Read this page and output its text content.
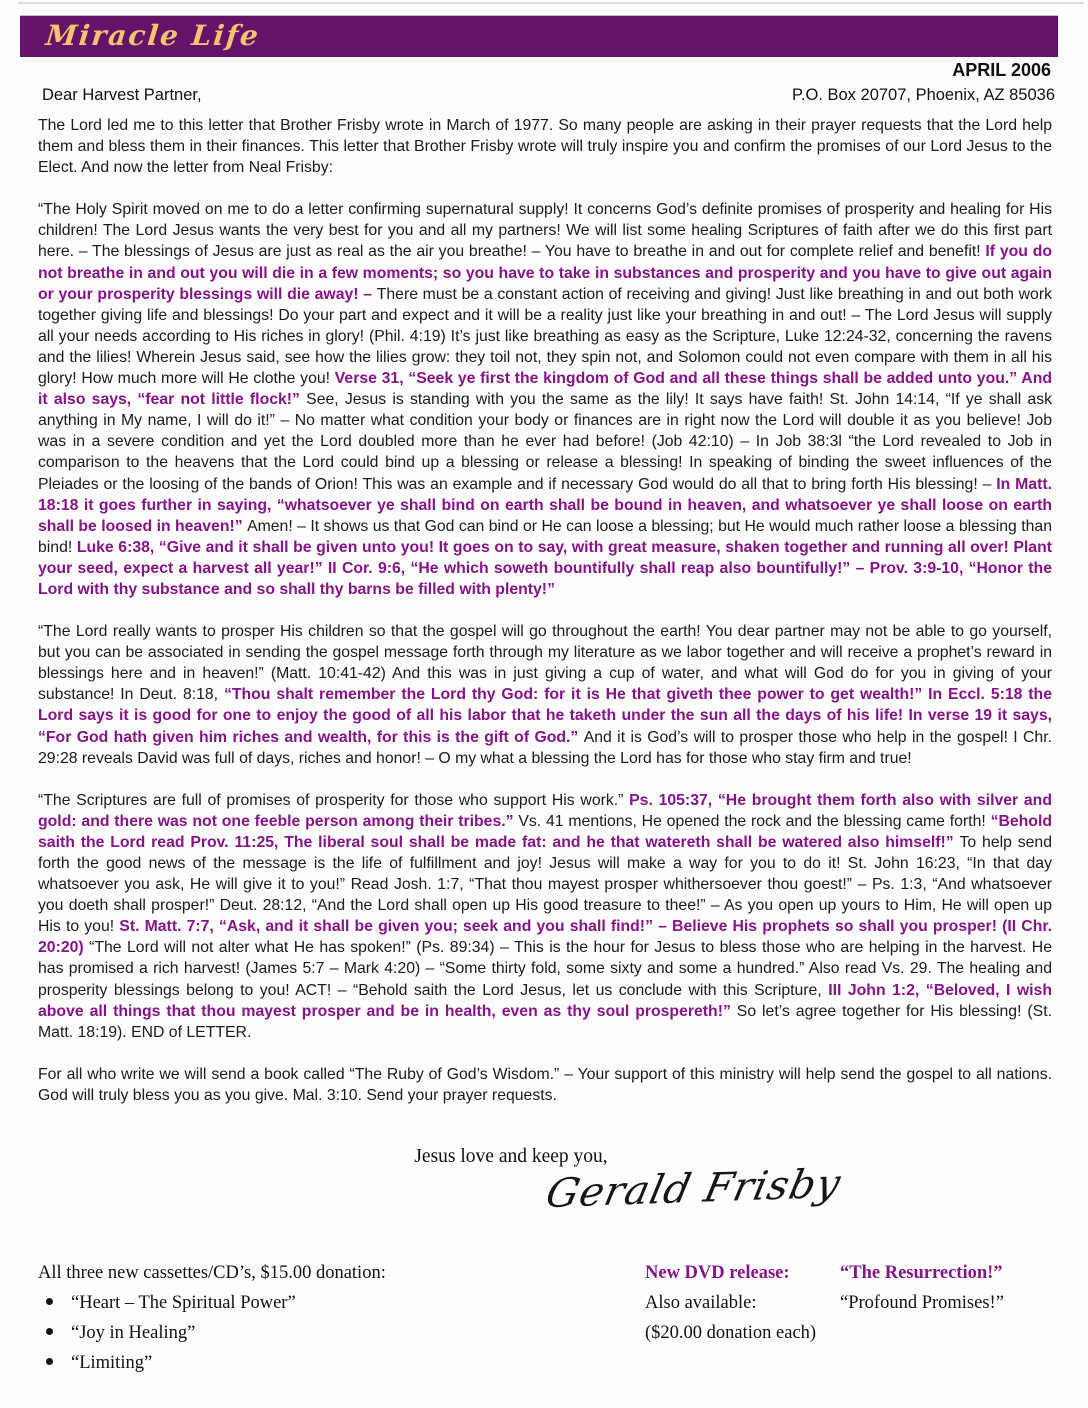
Miracle Life
APRIL 2006
Dear Harvest Partner,	P.O. Box 20707, Phoenix, AZ 85036

The Lord led me to this letter that Brother Frisby wrote in March of 1977. So many people are asking in their prayer requests that the Lord help them and bless them in their finances. This letter that Brother Frisby wrote will truly inspire you and confirm the promises of our Lord Jesus to the Elect. And now the letter from Neal Frisby:

“The Holy Spirit moved on me to do a letter confirming supernatural supply! It concerns God’s definite promises of prosperity and healing for His children! The Lord Jesus wants the very best for you and all my partners! We will list some healing Scriptures of faith after we do this first part here. – The blessings of Jesus are just as real as the air you breathe! – You have to breathe in and out for complete relief and benefit! If you do not breathe in and out you will die in a few moments; so you have to take in substances and prosperity and you have to give out again or your prosperity blessings will die away! – There must be a constant action of receiving and giving! Just like breathing in and out both work together giving life and blessings! Do your part and expect and it will be a reality just like your breathing in and out! – The Lord Jesus will supply all your needs according to His riches in glory! (Phil. 4:19) It’s just like breathing as easy as the Scripture, Luke 12:24-32, concerning the ravens and the lilies! Wherein Jesus said, see how the lilies grow: they toil not, they spin not, and Solomon could not even compare with them in all his glory! How much more will He clothe you! Verse 31, “Seek ye first the kingdom of God and all these things shall be added unto you.” And it also says, “fear not little flock!” See, Jesus is standing with you the same as the lily! It says have faith! St. John 14:14, “If ye shall ask anything in My name, I will do it!” – No matter what condition your body or finances are in right now the Lord will double it as you believe! Job was in a severe condition and yet the Lord doubled more than he ever had before! (Job 42:10) – In Job 38:3l “the Lord revealed to Job in comparison to the heavens that the Lord could bind up a blessing or release a blessing! In speaking of binding the sweet influences of the Pleiades or the loosing of the bands of Orion! This was an example and if necessary God would do all that to bring forth His blessing! – In Matt. 18:18 it goes further in saying, “whatsoever ye shall bind on earth shall be bound in heaven, and whatsoever ye shall loose on earth shall be loosed in heaven!” Amen! – It shows us that God can bind or He can loose a blessing; but He would much rather loose a blessing than bind! Luke 6:38, “Give and it shall be given unto you! It goes on to say, with great measure, shaken together and running all over! Plant your seed, expect a harvest all year!” II Cor. 9:6, “He which soweth bountifully shall reap also bountifully!” – Prov. 3:9-10, “Honor the Lord with thy substance and so shall thy barns be filled with plenty!”

“The Lord really wants to prosper His children so that the gospel will go throughout the earth! You dear partner may not be able to go yourself, but you can be associated in sending the gospel message forth through my literature as we labor together and will receive a prophet’s reward in blessings here and in heaven!” (Matt. 10:41-42) And this was in just giving a cup of water, and what will God do for you in giving of your substance! In Deut. 8:18, “Thou shalt remember the Lord thy God: for it is He that giveth thee power to get wealth!” In Eccl. 5:18 the Lord says it is good for one to enjoy the good of all his labor that he taketh under the sun all the days of his life! In verse 19 it says, “For God hath given him riches and wealth, for this is the gift of God.” And it is God’s will to prosper those who help in the gospel! I Chr. 29:28 reveals David was full of days, riches and honor! – O my what a blessing the Lord has for those who stay firm and true!

“The Scriptures are full of promises of prosperity for those who support His work.” Ps. 105:37, “He brought them forth also with silver and gold: and there was not one feeble person among their tribes.” Vs. 41 mentions, He opened the rock and the blessing came forth! “Behold saith the Lord read Prov. 11:25, The liberal soul shall be made fat: and he that watereth shall be watered also himself!” To help send forth the good news of the message is the life of fulfillment and joy! Jesus will make a way for you to do it! St. John 16:23, “In that day whatsoever you ask, He will give it to you!” Read Josh. 1:7, “That thou mayest prosper whithersoever thou goest!” – Ps. 1:3, “And whatsoever you doeth shall prosper!” Deut. 28:12, “And the Lord shall open up His good treasure to thee!” – As you open up yours to Him, He will open up His to you! St. Matt. 7:7, “Ask, and it shall be given you; seek and you shall find!” – Believe His prophets so shall you prosper! (II Chr. 20:20) “The Lord will not alter what He has spoken!” (Ps. 89:34) – This is the hour for Jesus to bless those who are helping in the harvest. He has promised a rich harvest! (James 5:7 – Mark 4:20) – “Some thirty fold, some sixty and some a hundred.” Also read Vs. 29. The healing and prosperity blessings belong to you! ACT! – “Behold saith the Lord Jesus, let us conclude with this Scripture, III John 1:2, “Beloved, I wish above all things that thou mayest prosper and be in health, even as thy soul prospereth!” So let’s agree together for His blessing! (St. Matt. 18:19). END of LETTER.

For all who write we will send a book called “The Ruby of God’s Wisdom.” – Your support of this ministry will help send the gospel to all nations. God will truly bless you as you give. Mal. 3:10. Send your prayer requests.

Jesus love and keep you,
Gerald Frisby
All three new cassettes/CD’s, $15.00 donation:
“Heart – The Spiritual Power”
“Joy in Healing”
“Limiting”
New DVD release:	“The Resurrection!”
Also available:	“Profound Promises!”
($20.00 donation each)
